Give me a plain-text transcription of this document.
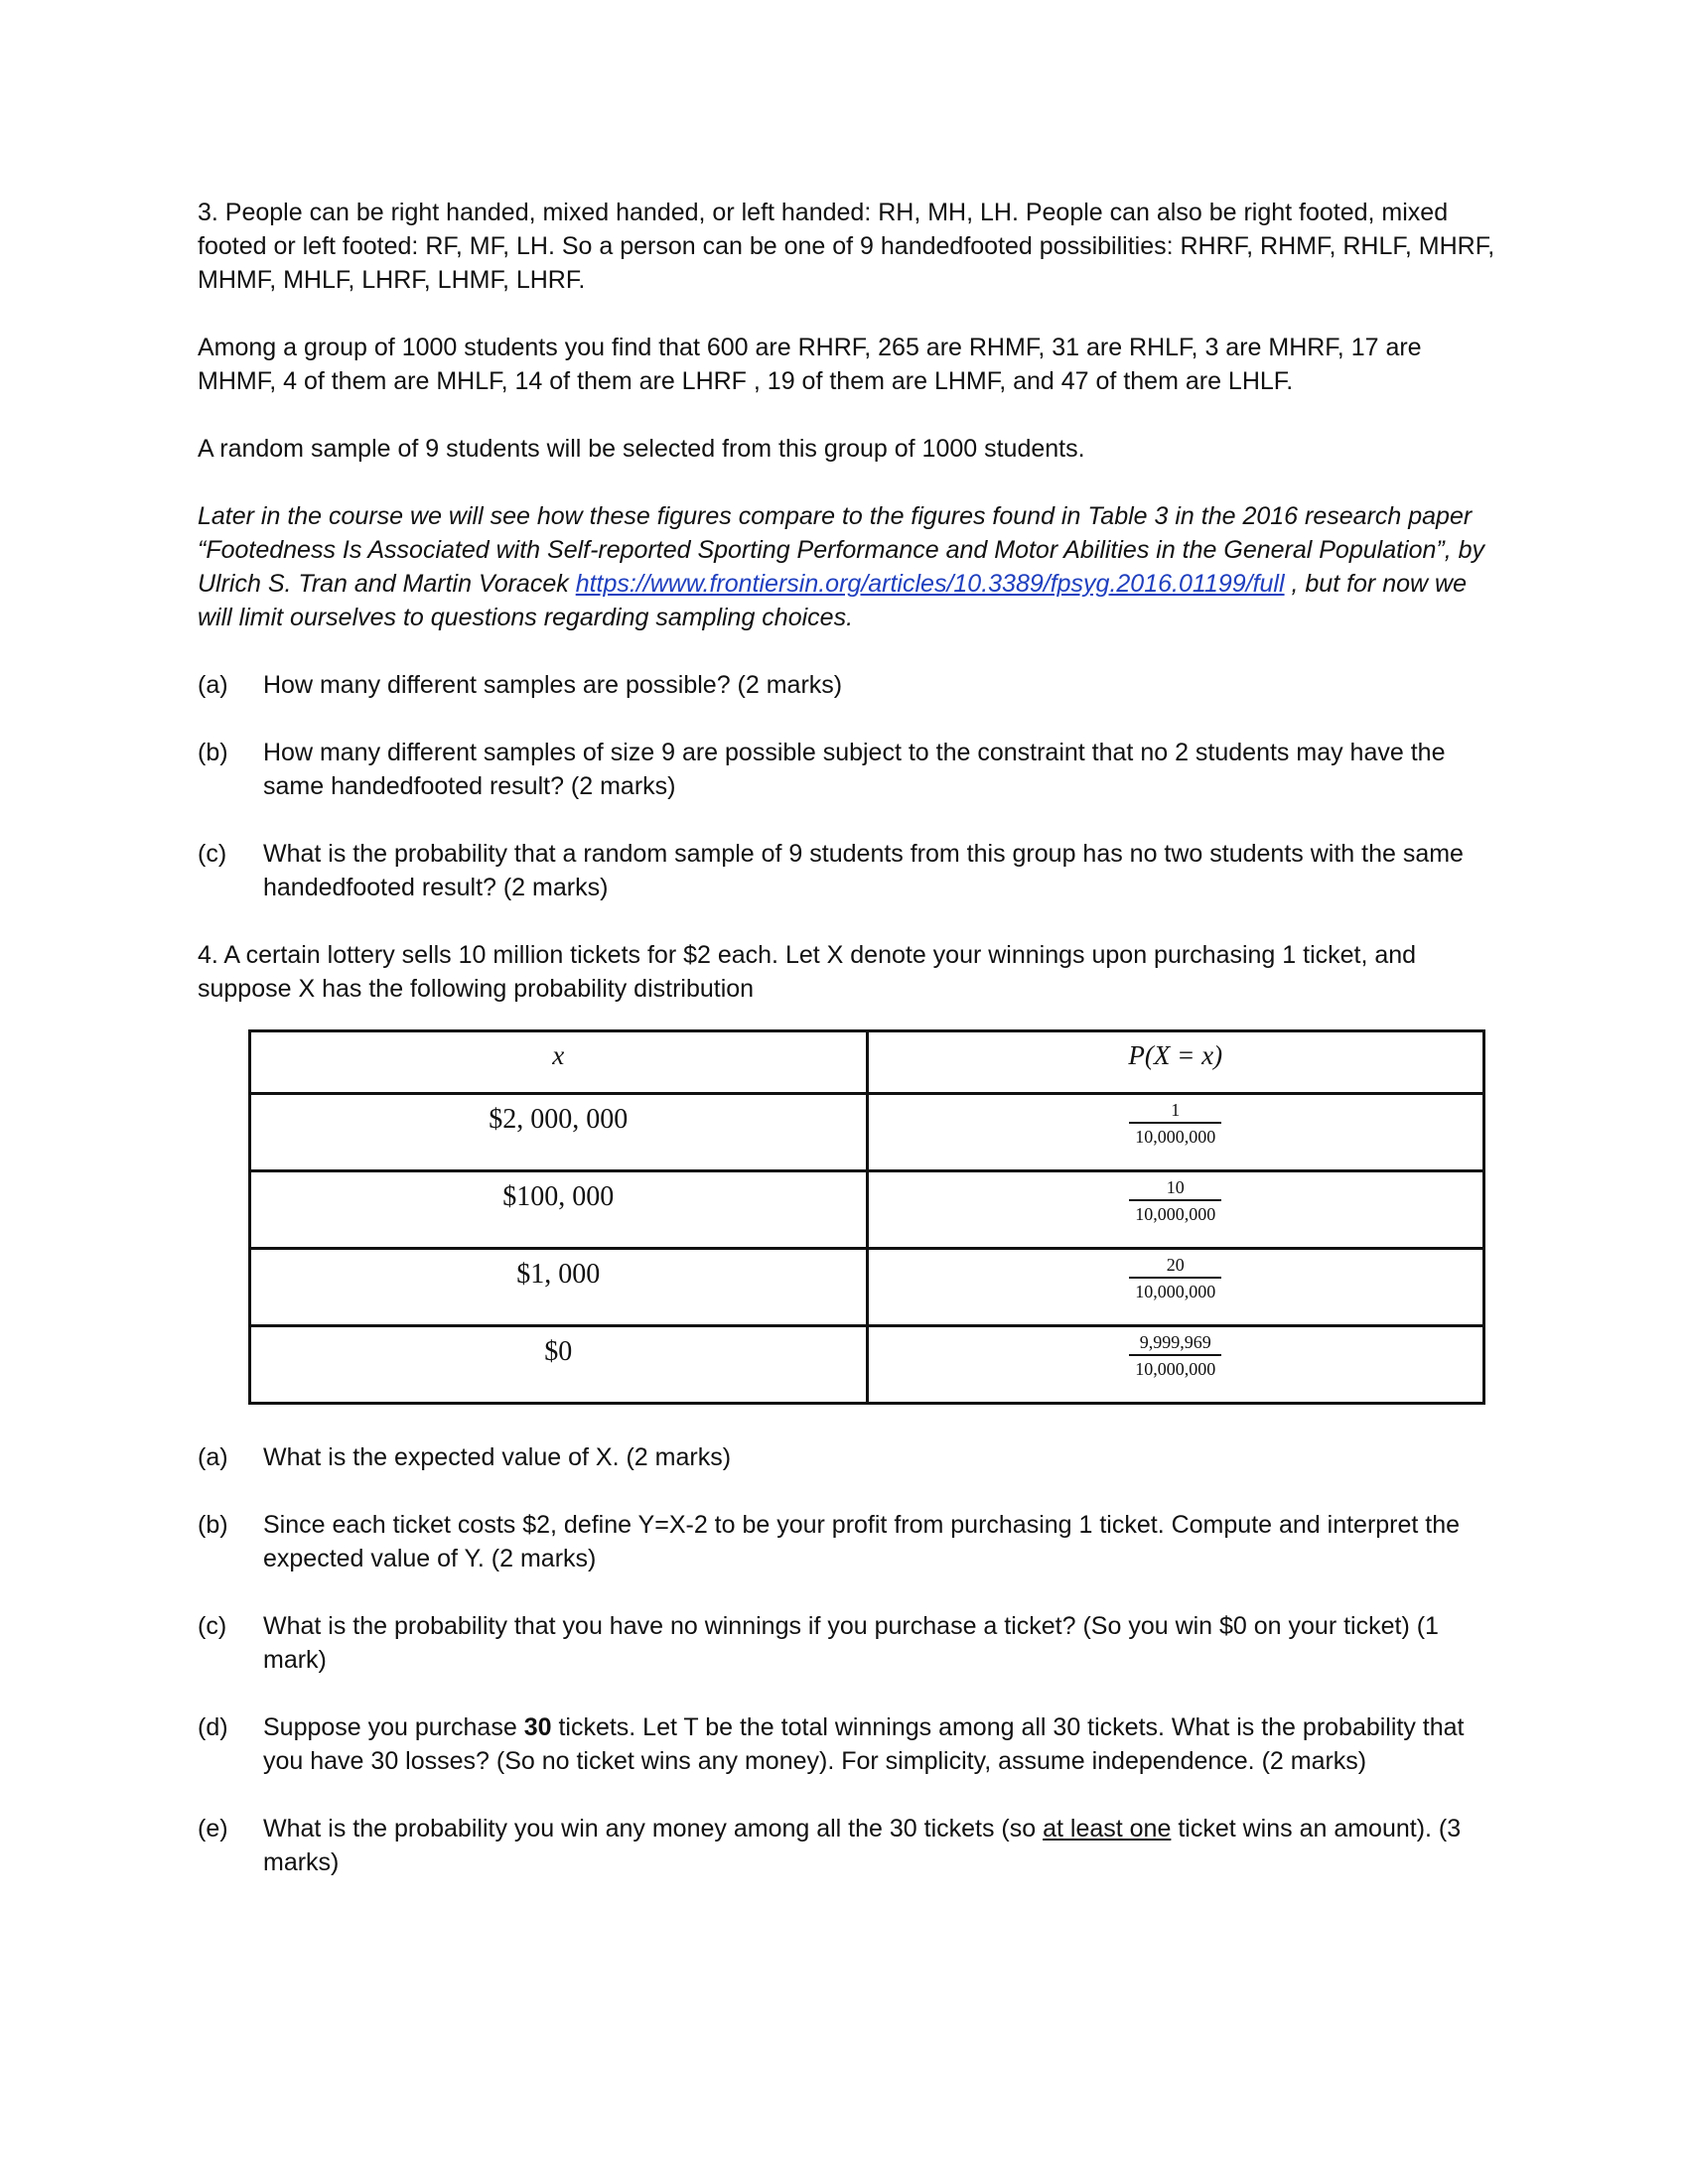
3. People can be right handed, mixed handed, or left handed: RH, MH, LH. People can also be right footed, mixed footed or left footed: RF, MF, LH. So a person can be one of 9 handedfooted possibilities: RHRF, RHMF, RHLF, MHRF, MHMF, MHLF, LHRF, LHMF, LHRF.

Among a group of 1000 students you find that 600 are RHRF, 265 are RHMF, 31 are RHLF, 3 are MHRF, 17 are MHMF, 4 of them are MHLF, 14 of them are LHRF , 19 of them are LHMF, and 47 of them are LHLF.

A random sample of 9 students will be selected from this group of 1000 students.

Later in the course we will see how these figures compare to the figures found in Table 3 in the 2016 research paper “Footedness Is Associated with Self-reported Sporting Performance and Motor Abilities in the General Population”, by Ulrich S. Tran and Martin Voracek https://www.frontiersin.org/articles/10.3389/fpsyg.2016.01199/full , but for now we will limit ourselves to questions regarding sampling choices.

(a)	How many different samples are possible? (2 marks)
(b)	How many different samples of size 9 are possible subject to the constraint that no 2 students may have the same handedfooted result? (2 marks)
(c)	What is the probability that a random sample of 9 students from this group has no two students with the same handedfooted result? (2 marks)

4. A certain lottery sells 10 million tickets for $2 each. Let X denote your winnings upon purchasing 1 ticket, and suppose X has the following probability distribution

x	P(X = x)

$2, 000, 000	$\frac{1}{10,000,000}$

$100, 000	$\frac{10}{10,000,000}$

$1, 000	$\frac{20}{10,000,000}$

$0	$\frac{9,999,969}{10,000,000}$
(a)	What is the expected value of X. (2 marks)
(b)	Since each ticket costs $2, define Y=X-2 to be your profit from purchasing 1 ticket. Compute and interpret the expected value of Y. (2 marks)
(c)	What is the probability that you have no winnings if you purchase a ticket? (So you win $0 on your ticket) (1 mark)
(d)	Suppose you purchase 30 tickets. Let T be the total winnings among all 30 tickets. What is the probability that you have 30 losses? (So no ticket wins any money). For simplicity, assume independence. (2 marks)
(e)	What is the probability you win any money among all the 30 tickets (so at least one ticket wins an amount). (3 marks)
